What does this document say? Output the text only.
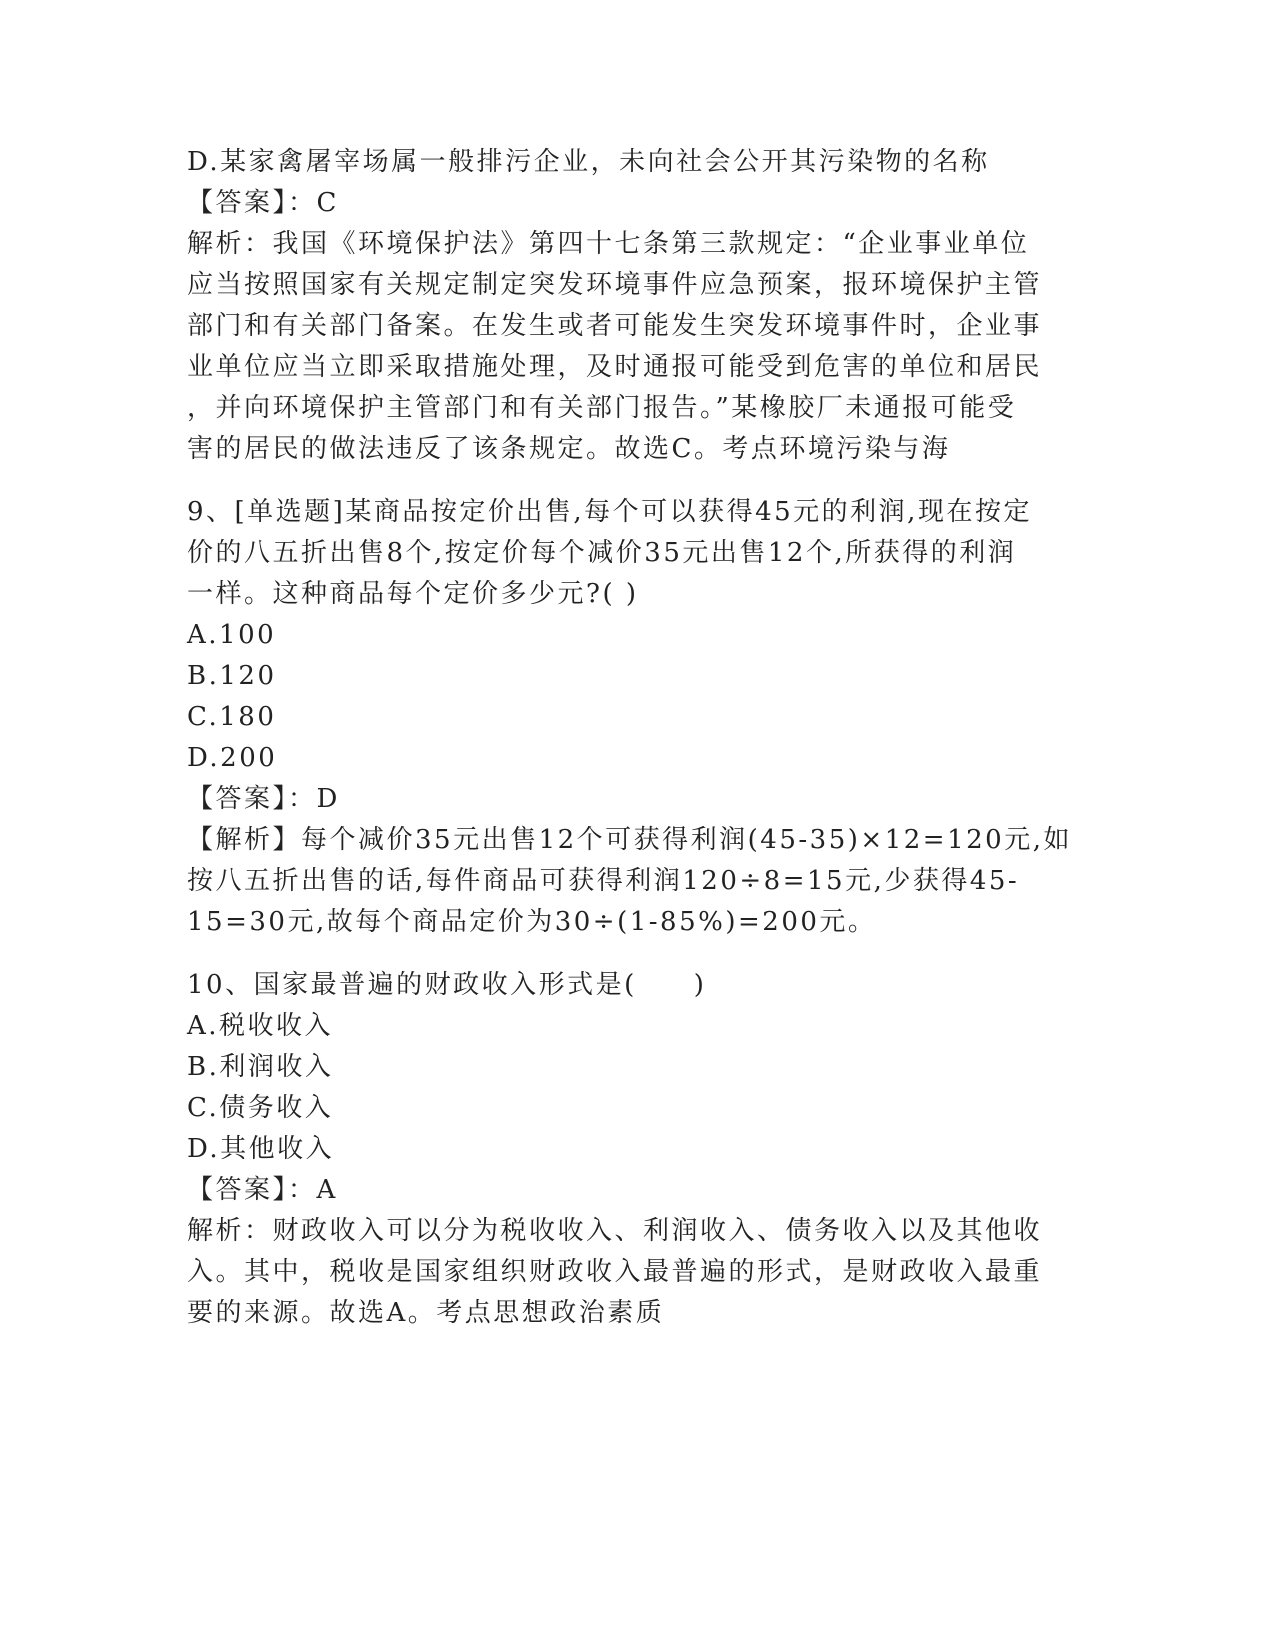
D.某家禽屠宰场属一般排污企业，未向社会公开其污染物的名称
【答案】：C
解析：我国《环境保护法》第四十七条第三款规定：“企业事业单位
应当按照国家有关规定制定突发环境事件应急预案，报环境保护主管
部门和有关部门备案。在发生或者可能发生突发环境事件时，企业事
业单位应当立即采取措施处理，及时通报可能受到危害的单位和居民
，并向环境保护主管部门和有关部门报告。”某橡胶厂未通报可能受
害的居民的做法违反了该条规定。故选C。考点环境污染与海
9、[单选题]某商品按定价出售,每个可以获得45元的利润,现在按定
价的八五折出售8个,按定价每个减价35元出售12个,所获得的利润
一样。这种商品每个定价多少元?( )
A.100
B.120
C.180
D.200
【答案】：D
【解析】每个减价35元出售12个可获得利润(45-35)×12=120元,如
按八五折出售的话,每件商品可获得利润120÷8=15元,少获得45-
15=30元,故每个商品定价为30÷(1-85%)=200元。
10、国家最普遍的财政收入形式是(　　)
A.税收收入
B.利润收入
C.债务收入
D.其他收入
【答案】：A
解析：财政收入可以分为税收收入、利润收入、债务收入以及其他收
入。其中，税收是国家组织财政收入最普遍的形式，是财政收入最重
要的来源。故选A。考点思想政治素质
